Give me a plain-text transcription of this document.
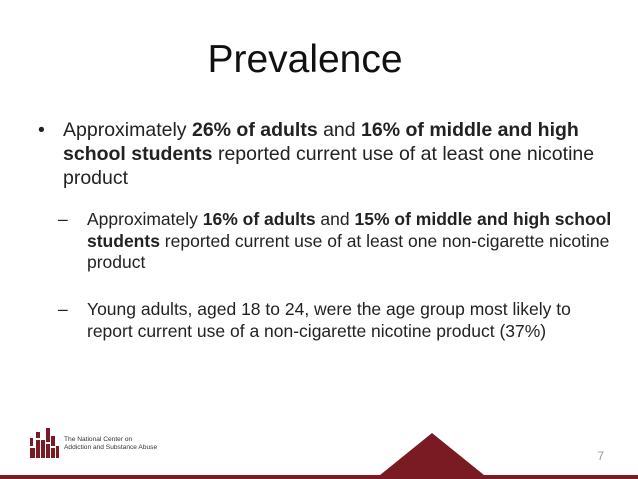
Prevalence
• Approximately 26% of adults and 16% of middle and high school students reported current use of at least one nicotine product
– Approximately 16% of adults and 15% of middle and high school students reported current use of at least one non-cigarette nicotine product
– Young adults, aged 18 to 24, were the age group most likely to report current use of a non-cigarette nicotine product (37%)
The National Center on
Addiction and Substance Abuse
7
